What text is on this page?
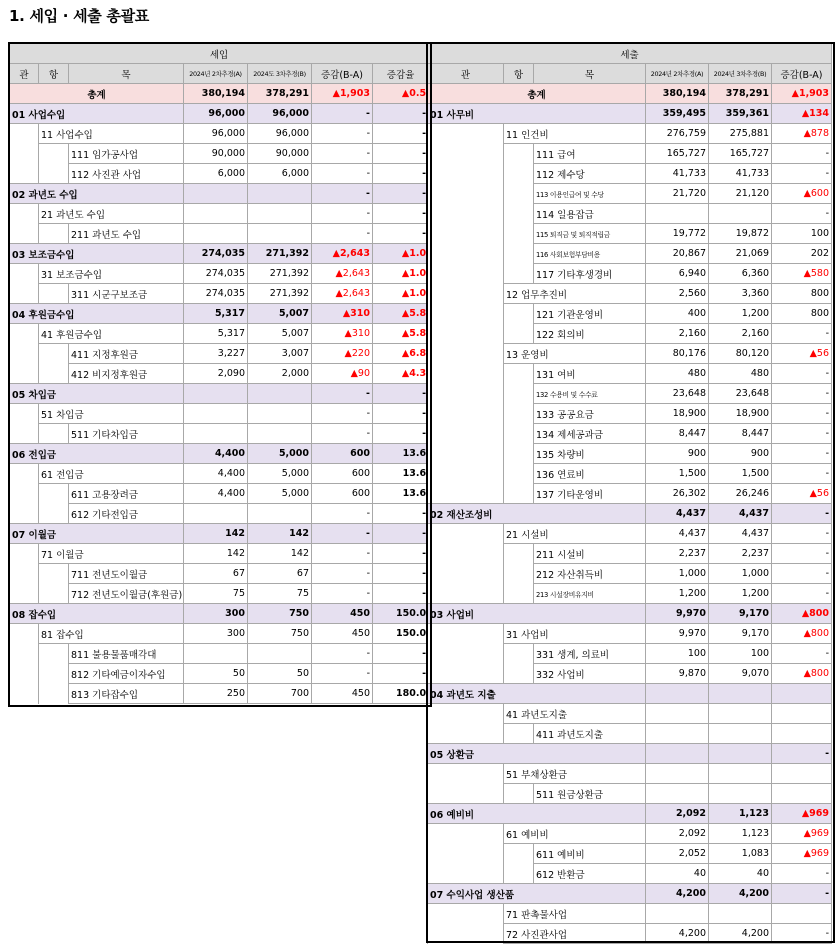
1. 세입 · 세출 총괄표
세입						
관	항	목	2024년 2차추경(A)	2024도 3차추경(B)	증감(B-A)	증감율
총계			380,194	378,291	▲1,903	▲0.5
01 사업수입			96,000	96,000	-	-
	11 사업수입		96,000	96,000	-	-
		111 임가공사업	90,000	90,000	-	-
		112 사진관 사업	6,000	6,000	-	-
02 과년도 수입					-	-
	21 과년도 수입				-	-
		211 과년도 수입			-	-
03 보조금수입			274,035	271,392	▲2,643	▲1.0
	31 보조금수입		274,035	271,392	▲2,643	▲1.0
		311 시군구보조금	274,035	271,392	▲2,643	▲1.0
04 후원금수입			5,317	5,007	▲310	▲5.8
	41 후원금수입		5,317	5,007	▲310	▲5.8
		411 지정후원금	3,227	3,007	▲220	▲6.8
		412 비지정후원금	2,090	2,000	▲90	▲4.3
05 차입금					-	-
	51 차입금				-	-
		511 기타차입금			-	-
06 전입금			4,400	5,000	600	13.6
	61 전입금		4,400	5,000	600	13.6
		611 고용장려금	4,400	5,000	600	13.6
		612 기타전입금			-	-
07 이월금			142	142	-	-
	71 이월금		142	142	-	-
		711 전년도이월금	67	67	-	-
		712 전년도이월금(후원금)	75	75	-	-
08 잡수입			300	750	450	150.0
	81 잡수입		300	750	450	150.0
		811 불용물품매각대			-	-
		812 기타예금이자수입	50	50	-	-
		813 기타잡수입	250	700	450	180.0
세출					
관	항	목	2024년 2차추경(A)	2024년 3차추경(B)	증감(B-A)
총계			380,194	378,291	▲1,903
01 사무비			359,495	359,361	▲134
	11 인건비		276,759	275,881	▲878
		111 급여	165,727	165,727	-
		112 제수당	41,733	41,733	-
		113 이용인급여 및 수당	21,720	21,120	▲600
		114 일용잡급			-
		115 퇴직금 및 퇴직적립금	19,772	19,872	100
		116 사회보험부담비용	20,867	21,069	202
		117 기타후생경비	6,940	6,360	▲580
	12 업무추진비		2,560	3,360	800
		121 기관운영비	400	1,200	800
		122 회의비	2,160	2,160	-
	13 운영비		80,176	80,120	▲56
		131 여비	480	480	-
		132 수용비 및 수수료	23,648	23,648	-
		133 공공요금	18,900	18,900	-
		134 제세공과금	8,447	8,447	-
		135 차량비	900	900	-
		136 연료비	1,500	1,500	-
		137 기타운영비	26,302	26,246	▲56
02 재산조성비			4,437	4,437	-
	21 시설비		4,437	4,437	-
		211 시설비	2,237	2,237	-
		212 자산취득비	1,000	1,000	-
		213 시설장비유지비	1,200	1,200	-
03 사업비			9,970	9,170	▲800
	31 사업비		9,970	9,170	▲800
		331 생계, 의료비	100	100	-
		332 사업비	9,870	9,070	▲800
04 과년도 지출					
	41 과년도지출				
		411 과년도지출			
05 상환금					-
	51 부채상환금				
		511 원금상환금			
06 예비비			2,092	1,123	▲969
	61 예비비		2,092	1,123	▲969
		611 예비비	2,052	1,083	▲969
		612 반환금	40	40	-
07 수익사업 생산품			4,200	4,200	-
	71 판촉물사업				
	72 사진관사업		4,200	4,200	-
